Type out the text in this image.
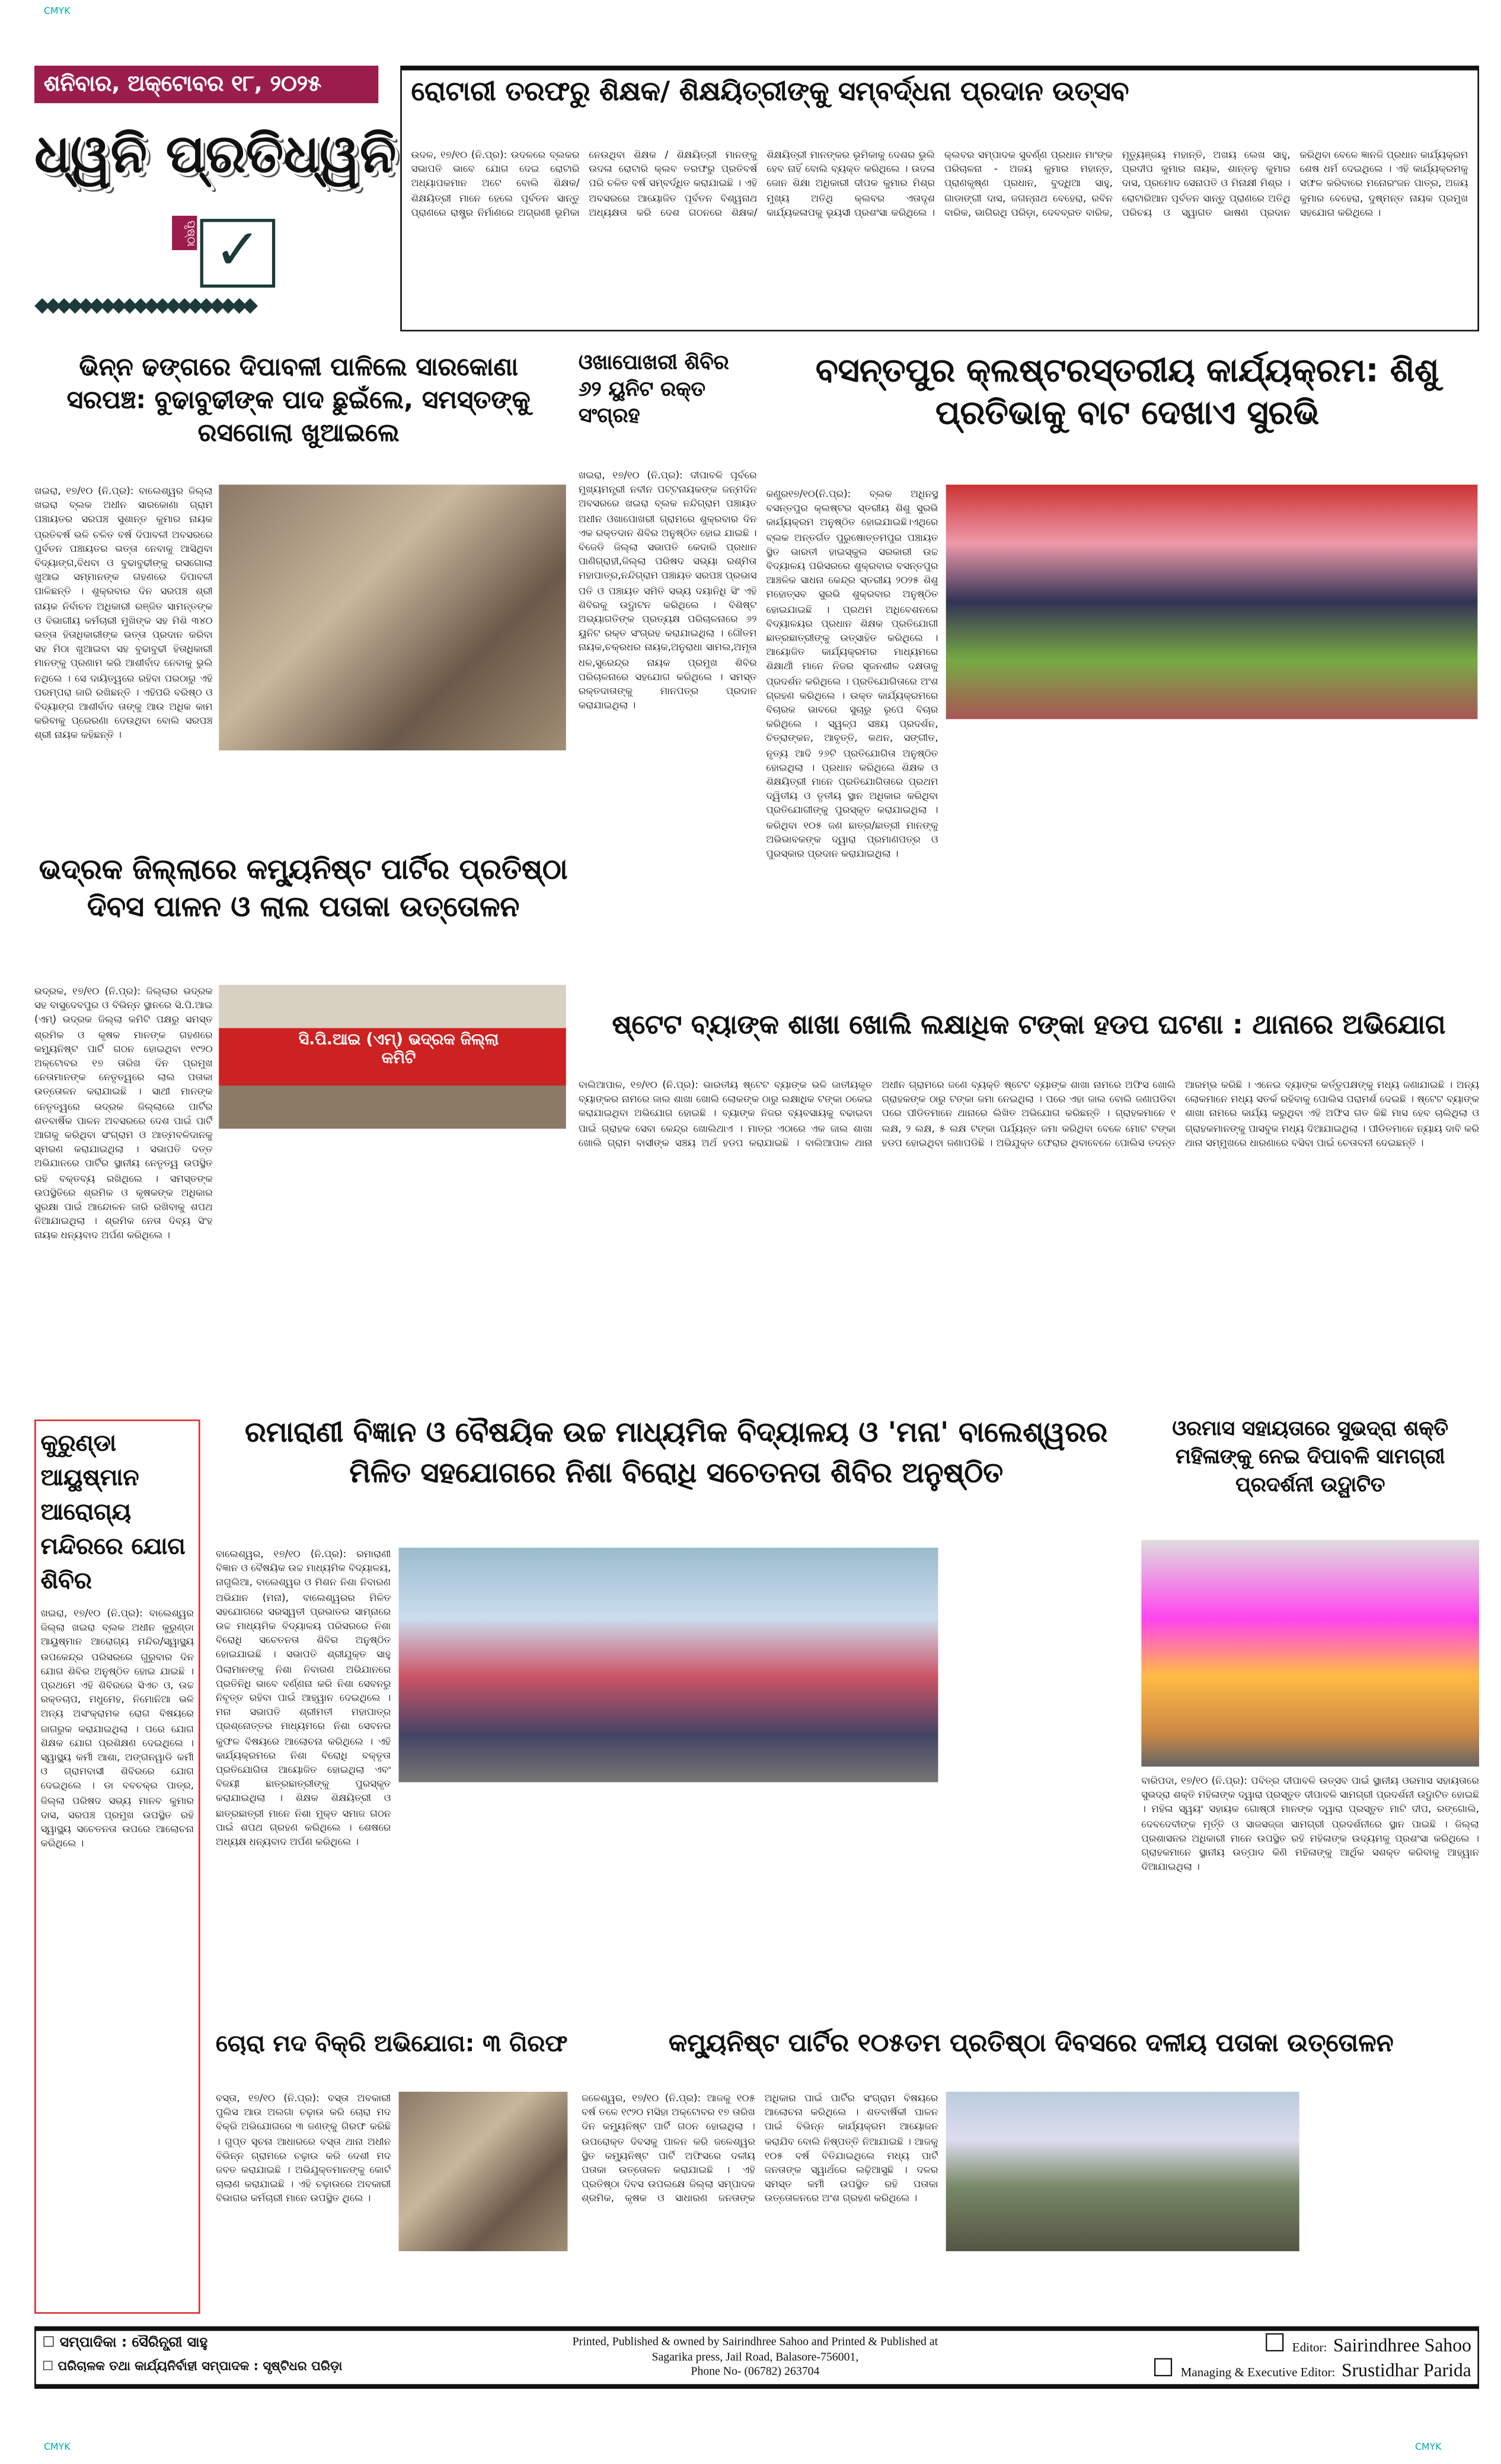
CMYK
CMYK	CMYK
ଶନିବାର, ଅକ୍ଟୋବର ୧୮, ୨୦୨୫
ଧ୍ୱନି ପ୍ରତିଧ୍ୱନି
ପୃଷ୍ଠା ✓
◆◆◆◆◆◆◆◆◆◆◆◆◆◆◆◆◆◆◆◆
ରୋଟାରୀ ତରଫରୁ ଶିକ୍ଷକ/ ଶିକ୍ଷୟିତ୍ରୀଙ୍କୁ ସମ୍ବର୍ଦ୍ଧନା ପ୍ରଦାନ ଉତ୍ସବ
ଉଦଳ, ୧୭/୧୦ (ନି.ପ୍ର): ଉଦଳରେ ବ୍ଲକର ସଭାପତି ଭାବେ ଯୋଗ ଦେଇ ରୋଟାରି ଅଧ୍ୟାପକମାନ ଅଟେ ବୋଲି ଶିକ୍ଷକ/ଶିକ୍ଷୟିତ୍ରୀ ମାନେ ହେଲେ ପୂର୍ବତନ ସାନ୍ତୁ ପ୍ରାଣରେ ରାଷ୍ଟ୍ର ନିର୍ମାଣରେ ଅଗ୍ରଣୀ ଭୂମିକା ନେଉଥିବା ଶିକ୍ଷକ / ଶିକ୍ଷୟିତ୍ରୀ ମାନଙ୍କୁ ଉଦଳା ରୋଟାରି କ୍ଲବ ତରଫରୁ ପ୍ରତିବର୍ଷ ପରି ଚଳିତ ବର୍ଷ ସମ୍ବର୍ଦ୍ଧିତ କରାଯାଇଛି । ଏହି ଅବସରରେ ଆୟୋଜିତ ପୂର୍ବତନ ବିଶ୍ୱନାଥ ଅଧ୍ୟକ୍ଷତା କରି ଦେଶ ଗଠନରେ ଶିକ୍ଷକ/ ଶିକ୍ଷୟିତ୍ରୀ ମାନଙ୍କର ଭୂମିକାକୁ ଦେଶର ଭୁଲି ହେବ ନାହିଁ ବୋଲି ବ୍ୟକ୍ତ କରିଥିଲେ । ଉଦଳା ଜୋନ ଶିକ୍ଷା ଅଧିକାରୀ ଦୀପକ କୁମାର ମିଶ୍ର ମୁଖ୍ୟ ଅତିଥି କ୍ଲବର ଏତାଦୃଶ କାର୍ଯ୍ୟକଳାପକୁ ଭୂୟସୀ ପ୍ରଶଂସା କରିଥିଲେ । କ୍ଲବର ସମ୍ପାଦକ ସୁବର୍ଣ୍ଣ ପ୍ରଧାନ ମାଂଙ୍କ ପରିଚାଳନା - ଅଜୟ କୁମାର ମହାନ୍ତ, ପ୍ରାଣକୃଷ୍ଣ ପ୍ରଧାନ, ବୁଦ୍ଧିଆ ସାହୁ, ଗାଡାଙ୍ଗୀ ଦାସ, ଜଗନ୍ନାଥ ବେହେରା, ରବିନ ବାରିକ, ଭାଗିରଥି ପରିଡ଼ା, ଦେବବ୍ରତ ବାରିକ, ମୃତ୍ୟୁଞ୍ଜୟ ମହାନ୍ତି, ଅଖୟ ଲେଖ ସାହୁ, ପ୍ରଦୀପ କୁମାର ନାୟକ, ଶାନ୍ତନୁ କୁମାର ଦାସ, ପ୍ରମୋଦ ସେନାପତି ଓ ମିନାକ୍ଷୀ ମିଶ୍ର । ରୋଟାରିଆନ ପୂର୍ବତନ ସାନ୍ତୁ ପ୍ରାଣରେ ଅତିଥି ପରିଚୟ ଓ ସ୍ୱାଗତ ଭାଷଣ ପ୍ରଦାନ କରିଥିବା ବେଳେ ଜ୍ଞାନଜି ପ୍ରଧାନ କାର୍ଯ୍ୟକ୍ରମ ଶେଷ ଧର୍ମ ଦେଇଥିଲେ । ଏହି କାର୍ଯ୍ୟକ୍ରମକୁ ସଫଳ କରିବାରେ ମନୋରଂଜନ ପାତ୍ର, ଅଜୟ କୁମାର ବେହେରା, ଦୁଷ୍ମନ୍ତ ନାୟକ ପ୍ରମୁଖ ସହଯୋଗ କରିଥିଲେ ।
ଭିନ୍ନ ଢଙ୍ଗରେ ଦିପାବଳୀ ପାଳିଲେ ସାରକୋଣା ସରପଞ୍ଚ: ବୁଢାବୁଢୀଙ୍କ ପାଦ ଛୁଇଁଲେ, ସମସ୍ତଙ୍କୁ ରସଗୋଲା ଖୁଆଇଲେ
ଖଇରା, ୧୭/୧୦ (ନି.ପ୍ର): ବାଲେଶ୍ୱର ଜିଲ୍ଲା ଖଇରା ବ୍ଲକ ଅଧୀନ ସାରକୋଣା ଗ୍ରାମ ପଞ୍ଚାୟତର ସରପଞ୍ଚ ସୁଶାନ୍ତ କୁମାର ନାୟକ ପ୍ରତିବର୍ଷ ଭଳି ଚଳିତ ବର୍ଷ ଦିପାବଳୀ ଅବସରରେ ପୁର୍ବତନ ପଞ୍ଚାୟତର ଭତ୍ତା ନେବାକୁ ଆସିଥିବା ବିଦ୍ୟାଙ୍ଗ,ବିଧବା ଓ ବୁଢାବୁଢୀଙ୍କୁ ରସଗୋଲା ଖୁଆଇ ସମ୍ମାନଙ୍କ ଗହଣରେ ଦିପାବଳୀ ପାଳିଛନ୍ତି । ଶୁକ୍ରବାର ଦିନ ସରପଞ୍ଚ ଶ୍ରୀ ନାୟକ ନିର୍ବାଚନ ଅଧିକାରୀ ରଞ୍ଜିତ ସାମନ୍ତଙ୍କ ଓ ବିଭାଗୀୟ କର୍ମଚାରୀ ମୁଖିଙ୍କ ସହ ମିଶି ୩୪୦ ଭତ୍ତା ହିତାଧିକାରୀଙ୍କ ଭତ୍ତା ପ୍ରଦାନ କରିବା ସହ ମିଠା ଖୁଆଇବା ସହ ବୁଢାବୁଢୀ ହିତାଧିକାରୀ ମାନଙ୍କୁ ପ୍ରଣାମ କରି ଆଶୀର୍ବାଦ ନେବାକୁ ଭୁଲି ନଥିଲେ । ସେ ଦାୟିତ୍ୱରେ ରହିବା ପରଠାରୁ ଏହି ପରମ୍ପରା ଜାରି ରଖିଛନ୍ତି । ଏହିପରି ବରିଷ୍ଠ ଓ ବିଦ୍ୟାଙ୍ଗ ଆଶୀର୍ବାଦ ତାଙ୍କୁ ଆଉ ଅଧିକ କାମ କରିବାକୁ ପ୍ରେରଣା ଦେଉଥିବା ବୋଲି ସରପଞ୍ଚ ଶ୍ରୀ ନାୟକ କହିଛନ୍ତି ।
ଓଖାପୋଖରୀ ଶିବିର ୬୨ ୟୁନିଟ ରକ୍ତ ସଂଗ୍ରହ
ଖଇରା, ୧୭/୧୦ (ନି.ପ୍ର): ଦୀପାବଳି ପୂର୍ବରେ ମୁଖ୍ୟମନ୍ତ୍ରୀ ନବୀନ ପଟ୍ଟନାୟକଙ୍କ ଜନ୍ମଦିନ ଅବସରରେ ଖଇରା ବ୍ଲକ ନନ୍ଦିଗ୍ରାମ ପଞ୍ଚାୟତ ଅଧୀନ ଓଖାପୋଖରୀ ଗ୍ରାମରେ ଶୁକ୍ରବାର ଦିନ ଏକ ରକ୍ତଦାନ ଶିବିର ଅନୁଷ୍ଠିତ ହୋଇ ଯାଇଛି । ବିଜେଡି ଜିଲ୍ଲା ସଭାପତି କେଦାରି ପ୍ରଧାନ ପାଣିଗ୍ରାହୀ,ଜିଲ୍ଲା ପରିଷଦ ସଭ୍ୟା ରଶ୍ମିତା ମହାପାତ୍ର,ନନ୍ଦିଗ୍ରାମ ପଞ୍ଚାୟତ ସରପଞ୍ଚ ପ୍ରଭାସ ପତି ଓ ପଞ୍ଚାୟତ ସମିତି ସଭ୍ୟ ଦୟାନିଧି ସିଂ ଏହି ଶିବିରକୁ ଉଦ୍ଘାଟନ କରିଥିଲେ । ବିଶିଷ୍ଟ ଅଭ୍ୟାଗତିଙ୍କ ପ୍ରତ୍ୟକ୍ଷ ପରିଚାଳନାରେ ୬୨ ୟୁନିଟ ରକ୍ତ ସଂଗ୍ରହ କରାଯାଇଥିଲା । ଗୌତମ ନାୟକ,ଚକ୍ରଧର ନାୟକ,ଅନୁରାଧା ସାମଲ,ଅମୃତା ଧଳ,ସୁରେନ୍ଦ୍ର ନାୟକ ପ୍ରମୁଖ ଶିବିର ପରିଚାଳନାରେ ସହଯୋଗ କରିଥିଲେ । ସମସ୍ତ ରକ୍ତଦାତାଙ୍କୁ ମାନପତ୍ର ପ୍ରଦାନ କରାଯାଇଥିଲା ।
ବସନ୍ତପୁର କ୍ଲଷ୍ଟରସ୍ତରୀୟ କାର୍ଯ୍ୟକ୍ରମ: ଶିଶୁ ପ୍ରତିଭାକୁ ବାଟ ଦେଖାଏ ସୁରଭି
କଣ୍ଡ୍ର୧୭/୧୦(ନି.ପ୍ର): ବ୍ଲକ ଅଧିନସ୍ଥ ବସନ୍ତପୁର କ୍ଲଷ୍ଟର ସ୍ତରୀୟ ଶିଶୁ ସୁରଭି କାର୍ଯ୍ୟକ୍ରମ ଅନୁଷ୍ଠିତ ହୋଇଯାଇଛି।ଏଥିରେ ବ୍ଲକ ଅନ୍ତର୍ଗତ ପୁରୁଷୋତ୍ତମପୁର ପଞ୍ଚାୟତ ସ୍ଥିତ ଭାରତୀ ହାଇସ୍କୁଲ ସରକାରୀ ଉଚ୍ଚ ବିଦ୍ୟାଳୟ ପରିସରରେ ଶୁକ୍ରବାର ବସନ୍ତପୁର ଆଞ୍ଚଳିକ ସାଧନା କେନ୍ଦ୍ର ସ୍ତରୀୟ ୨୦୨୫ ଶିଶୁ ମହୋତ୍ସବ ସୁରଭି ଶୁକ୍ରବାର ଅନୁଷ୍ଠିତ ହୋଇଯାଇଛି । ପ୍ରଥମ ଅଧିବେଶନରେ ବିଦ୍ୟାଳୟର ପ୍ରଧାନ ଶିକ୍ଷକ ପ୍ରତିଯୋଗୀ ଛାତ୍ରଛାତ୍ରୀଙ୍କୁ ଉତ୍ସାହିତ କରିଥିଲେ । ଆୟୋଜିତ କାର୍ଯ୍ୟକ୍ରମର ମାଧ୍ୟମରେ ଶିକ୍ଷାର୍ଥୀ ମାନେ ନିଜର ସୃଜନଶୀଳ ଦକ୍ଷତାକୁ ପ୍ରଦର୍ଶନ କରିଥିଲେ । ପ୍ରତିଯୋଗିତାରେ ଅଂଶ ଗ୍ରହଣ କରିଥିଲେ । ଉକ୍ତ କାର୍ଯ୍ୟକ୍ରମରେ ବିଚାରକ ଭାବରେ ସୁଚାରୁ ରୂପେ ବିଚାର କରିଥିଲେ । ସ୍ୱଳ୍ପ ସଞ୍ଚୟ ପ୍ରଦର୍ଶନ, ଚିତ୍ରାଙ୍କନ, ଆବୃତ୍ତି, କଥନ, ସଙ୍ଗୀତ, ନୃତ୍ୟ ଆଦି ୨୬ଟି ପ୍ରତିଯୋଗିତା ଅନୁଷ୍ଠିତ ହୋଇଥିଲା । ପ୍ରଧାନ କରିଥିଲେ ଶିକ୍ଷକ ଓ ଶିକ୍ଷୟିତ୍ରୀ ମାନେ ପ୍ରତିଯୋଗିତାରେ ପ୍ରଥମ ଦ୍ୱିତୀୟ ଓ ତୃତୀୟ ସ୍ଥାନ ଅଧିକାର କରିଥିବା ପ୍ରତିଯୋଗୀଙ୍କୁ ପୁରସ୍କୃତ କରାଯାଇଥିଲା । କରିଥିବା ୧୦୫ ଜଣ ଛାତ୍ର/ଛାତ୍ରୀ ମାନଙ୍କୁ ଅଭିଭାବକଙ୍କ ଦ୍ୱାରା ପ୍ରମାଣପତ୍ର ଓ ପୁରସ୍କାର ପ୍ରଦାନ କରାଯାଇଥିଲା ।
ଭଦ୍ରକ ଜିଲ୍ଲାରେ କମ୍ୟୁନିଷ୍ଟ ପାର୍ଟିର ପ୍ରତିଷ୍ଠା ଦିବସ ପାଳନ ଓ ଲାଲ ପତାକା ଉତ୍ତୋଳନ
ଭଦ୍ରକ, ୧୭/୧୦ (ନି.ପ୍ର): ଜିଲ୍ଲାର ଭଦ୍ରକ ସହ ବାସୁଦେବପୁର ଓ ବିଭିନ୍ନ ସ୍ଥାନରେ ସି.ପି.ଆଇ (ଏମ୍) ଭଦ୍ରକ ଜିଲ୍ଲା କମିଟି ପକ୍ଷରୁ ସମସ୍ତ ଶ୍ରମିକ ଓ କୃଷକ ମାନଙ୍କ ଗହଣରେ କମ୍ୟୁନିଷ୍ଟ ପାର୍ଟି ଗଠନ ହୋଇଥିବା ୧୯୨୦ ଅକ୍ଟୋବର ୧୭ ତାରିଖ ଦିନ ପ୍ରମୁଖ ନେତାମାନଙ୍କ ନେତୃତ୍ୱରେ ଲାଲ ପତାକା ଉତ୍ତୋଳନ କରାଯାଇଛି । ସାଥୀ ମାନଙ୍କ ନେତୃତ୍ୱରେ ଭଦ୍ରକ ଜିଲ୍ଲାରେ ପାର୍ଟିର ଶତବାର୍ଷିକ ପାଳନ ଅବସରରେ ଦେଶ ପାଇଁ ପାର୍ଟି ଆଗକୁ କରିଥିବା ସଂଗ୍ରାମ ଓ ଆତ୍ମବଳିଦାନକୁ ସ୍ମରଣ କରାଯାଇଥିଲା । ସଭାପତି ଦତ୍ତ ଅଭିଯାନରେ ପାର୍ଟିର ସ୍ଥାନୀୟ ନେତୃତ୍ୱ ଉପସ୍ଥିତ ରହି ବକ୍ତବ୍ୟ ରଖିଥିଲେ । ସମସ୍ତଙ୍କ ଉପସ୍ଥିତିରେ ଶ୍ରମିକ ଓ କୃଷକଙ୍କ ଅଧିକାର ସୁରକ୍ଷା ପାଇଁ ଆନ୍ଦୋଳନ ଜାରି ରଖିବାକୁ ଶପଥ ନିଆଯାଇଥିଲା । ଶ୍ରମିକ ନେତା ଦିବ୍ୟ ସିଂହ ନାୟକ ଧନ୍ୟବାଦ ଅର୍ପଣ କରିଥିଲେ ।
ସି.ପି.ଆଇ (ଏମ୍) ଭଦ୍ରକ ଜିଲ୍ଲା କମିଟି
ଷ୍ଟେଟ ବ୍ୟାଙ୍କ ଶାଖା ଖୋଲି ଲକ୍ଷାଧିକ ଟଙ୍କା ହଡପ ଘଟଣା : ଥାନାରେ ଅଭିଯୋଗ
ବାଲିଆପାଳ, ୧୭/୧୦ (ନି.ପ୍ର): ଭାରତୀୟ ଷ୍ଟେଟ ବ୍ୟାଙ୍କ ଭଳି ଜାତୀୟକୃତ ବ୍ୟାଙ୍କର ନାମରେ ଜାଲ ଶାଖା ଖୋଲି ଲୋକଙ୍କ ଠାରୁ ଲକ୍ଷାଧିକ ଟଙ୍କା ଠକେଇ କରାଯାଇଥିବା ଅଭିଯୋଗ ହୋଇଛି । ବ୍ୟାଙ୍କ ନିଜର ବ୍ୟବସାୟକୁ ବଢାଇବା ପାଇଁ ଗ୍ରାହକ ସେବା କେନ୍ଦ୍ର ଖୋଲିଥାଏ । ମାତ୍ର ଏଠାରେ ଏକ ଜାଲ ଶାଖା ଖୋଲି ଗ୍ରାମ ବାସୀଙ୍କ ସଞ୍ଚୟ ଅର୍ଥ ହଡପ କରାଯାଇଛି । ବାଲିଆପାଳ ଥାନା ଅଧୀନ ଗ୍ରାମରେ ଜଣେ ବ୍ୟକ୍ତି ଷ୍ଟେଟ ବ୍ୟାଙ୍କ ଶାଖା ନାମରେ ଅଫିସ ଖୋଲି ଗ୍ରାହକଙ୍କ ଠାରୁ ଟଙ୍କା ଜମା ନେଇଥିଲା । ପରେ ଏହା ଜାଲ ବୋଲି ଜଣାପଡିବା ପରେ ପୀଡିତମାନେ ଥାନାରେ ଲିଖିତ ଅଭିଯୋଗ କରିଛନ୍ତି । ଗ୍ରାହକମାନେ ୧ ଲକ୍ଷ, ୨ ଲକ୍ଷ, ୫ ଲକ୍ଷ ଟଙ୍କା ପର୍ଯ୍ୟନ୍ତ ଜମା କରିଥିବା ବେଳେ ମୋଟ ଟଙ୍କା ହଡପ ହୋଇଥିବା ଜଣାପଡିଛି । ଅଭିଯୁକ୍ତ ଫେରାର ଥିବାବେଳେ ପୋଲିସ ତଦନ୍ତ ଆରମ୍ଭ କରିଛି । ଏନେଇ ବ୍ୟାଙ୍କ କର୍ତ୍ତୃପକ୍ଷଙ୍କୁ ମଧ୍ୟ ଜଣାଯାଇଛି । ଅନ୍ୟ ଲୋକମାନେ ମଧ୍ୟ ସତର୍କ ରହିବାକୁ ପୋଲିସ ପରାମର୍ଶ ଦେଇଛି । ଷ୍ଟେଟ ବ୍ୟାଙ୍କ ଶାଖା ନାମରେ କାର୍ଯ୍ୟ କରୁଥିବା ଏହି ଅଫିସ ଗତ କିଛି ମାସ ହେବ ଚାଲିଥିଲା ଓ ଗ୍ରାହକମାନଙ୍କୁ ପାସବୁକ ମଧ୍ୟ ଦିଆଯାଇଥିଲା । ପୀଡିତମାନେ ନ୍ୟାୟ ଦାବି କରି ଥାନା ସମ୍ମୁଖରେ ଧାରଣାରେ ବସିବା ପାଇଁ ଚେତାବନୀ ଦେଇଛନ୍ତି ।
କୁରୁଣ୍ଡା ଆୟୁଷ୍ମାନ ଆରୋଗ୍ୟ ମନ୍ଦିରରେ ଯୋଗ ଶିବିର
ଖଇରା, ୧୭/୧୦ (ନି.ପ୍ର): ବାଲେଶ୍ୱର ଜିଲ୍ଲା ଖଇରା ବ୍ଲକ ଅଧୀନ କୁରୁଣ୍ଡା ଆୟୁଷ୍ମାନ ଆରୋଗ୍ୟ ମନ୍ଦିର/ସ୍ୱାସ୍ଥ୍ୟ ଉପକେନ୍ଦ୍ର ପରିସରରେ ଗୁରୁବାର ଦିନ ଯୋଗ ଶିବିର ଅନୁଷ୍ଠିତ ହୋଇ ଯାଇଛି । ପ୍ରଥମେ ଏହି ଶିବିରରେ ସିଏଚ ଓ, ଉଚ୍ଚ ରକ୍ତଚାପ, ମଧୁମେହ, ନିମୋନିଆ ଭଳି ଅନ୍ୟ ଅସଂକ୍ରାମକ ରୋଗ ବିଷୟରେ ଜାଗରୁକ କରାଯାଇଥିଲା । ପରେ ଯୋଗ ଶିକ୍ଷକ ଯୋଗ ପ୍ରଶିକ୍ଷଣ ଦେଇଥିଲେ । ସ୍ୱାସ୍ଥ୍ୟ କର୍ମୀ ଆଶା, ଅଙ୍ଗନୱାଡି କର୍ମୀ ଓ ଗ୍ରାମବାସୀ ଶିବିରରେ ଯୋଗ ଦେଇଥିଲେ । ଡା ବବଚକ୍ର ପାତ୍ର, ଜିଲ୍ଲା ପରିଷଦ ସଭ୍ୟ ମାନବ କୁମାର ଦାସ, ସରପଞ୍ଚ ପ୍ରମୁଖ ଉପସ୍ଥିତ ରହି ସ୍ୱାସ୍ଥ୍ୟ ସଚେତନତା ଉପରେ ଆଲୋଚନା କରିଥିଲେ ।
ରମାରାଣୀ ବିଜ୍ଞାନ ଓ ବୈଷୟିକ ଉଚ୍ଚ ମାଧ୍ୟମିକ ବିଦ୍ୟାଳୟ ଓ 'ମନା' ବାଲେଶ୍ୱରର ମିଳିତ ସହଯୋଗରେ ନିଶା ବିରୋଧି ସଚେତନତା ଶିବିର ଅନୁଷ୍ଠିତ
ବାଲେଶ୍ୱର, ୧୭/୧୦ (ନି.ପ୍ର): ରମାରାଣୀ ବିଜ୍ଞାନ ଓ ବୈଷୟିକ ଉଚ୍ଚ ମାଧ୍ୟମିକ ବିଦ୍ୟାଳୟ, ନାଗୁଲିଆ, ବାଲେଶ୍ୱର ଓ ମିଶନ ନିଶା ନିବାରଣ ଅଭିଯାନ (ମନା), ବାଲେଶ୍ୱରର ମିଳିତ ସହଯୋଗରେ ସରସ୍ୱତୀ ପ୍ରଭାତର ସାମ୍ନାରେ ଉଚ୍ଚ ମାଧ୍ୟମିକ ବିଦ୍ୟାଳୟ ପରିସରରେ ନିଶା ବିରୋଧି ସଚେତନତା ଶିବିର ଅନୁଷ୍ଠିତ ହୋଇଯାଇଛି । ସଭାପତି ଶ୍ରୀଯୁକ୍ତ ସାହୁ ପିଲାମାନଙ୍କୁ ନିଶା ନିବାରଣ ଅଭିଯାନରେ ପ୍ରତିନିଧି ଭାବେ ବର୍ଣ୍ଣନା କରି ନିଶା ସେବନରୁ ନିବୃତ୍ତ ରହିବା ପାଇଁ ଆହ୍ୱାନ ଦେଇଥିଲେ । ମନା ସଭାପତି ଶ୍ରୀମତୀ ମହାପାତ୍ର ପ୍ରଶ୍ନୋତ୍ତର ମାଧ୍ୟମରେ ନିଶା ସେବନର କୁଫଳ ବିଷୟରେ ଆଲୋଚନା କରିଥିଲେ । ଏହି କାର୍ଯ୍ୟକ୍ରମରେ ନିଶା ବିରୋଧି ବକ୍ତୃତା ପ୍ରତିଯୋଗିତା ଆୟୋଜିତ ହୋଇଥିଲା ଏବଂ ବିଜୟୀ ଛାତ୍ରଛାତ୍ରୀଙ୍କୁ ପୁରସ୍କୃତ କରାଯାଇଥିଲା । ଶିକ୍ଷକ ଶିକ୍ଷୟିତ୍ରୀ ଓ ଛାତ୍ରଛାତ୍ରୀ ମାନେ ନିଶା ମୁକ୍ତ ସମାଜ ଗଠନ ପାଇଁ ଶପଥ ଗ୍ରହଣ କରିଥିଲେ । ଶେଷରେ ଅଧ୍ୟକ୍ଷ ଧନ୍ୟବାଦ ଅର୍ପଣ କରିଥିଲେ ।
ଓରମାସ ସହାୟତାରେ ସୁଭଦ୍ରା ଶକ୍ତି ମହିଳାଙ୍କୁ ନେଇ ଦିପାବଳି ସାମଗ୍ରୀ ପ୍ରଦର୍ଶନୀ ଉଦ୍ଘାଟିତ
ବାରିପଦା, ୧୭/୧୦ (ନି.ପ୍ର): ପବିତ୍ର ଦୀପାବଳି ଉତ୍ସବ ପାଇଁ ସ୍ଥାନୀୟ ଓରମାସ ସହାୟତାରେ ସୁଭଦ୍ରା ଶକ୍ତି ମହିଳାଙ୍କ ଦ୍ୱାରା ପ୍ରସ୍ତୁତ ଦୀପାବଳି ସାମଗ୍ରୀ ପ୍ରଦର୍ଶନୀ ଉଦ୍ଘାଟିତ ହୋଇଛି । ମହିଳା ସ୍ୱୟଂ ସହାୟକ ଗୋଷ୍ଠୀ ମାନଙ୍କ ଦ୍ୱାରା ପ୍ରସ୍ତୁତ ମାଟି ଦୀପ, ରଙ୍ଗୋଲି, ଦେବଦେବୀଙ୍କ ମୂର୍ତ୍ତି ଓ ସାଜସଜ୍ଜା ସାମଗ୍ରୀ ପ୍ରଦର୍ଶନୀରେ ସ୍ଥାନ ପାଇଛି । ଜିଲ୍ଲା ପ୍ରଶାସନର ଅଧିକାରୀ ମାନେ ଉପସ୍ଥିତ ରହି ମହିଳାଙ୍କ ଉଦ୍ୟମକୁ ପ୍ରଶଂସା କରିଥିଲେ । ଗ୍ରାହକମାନେ ସ୍ଥାନୀୟ ଉତ୍ପାଦ କିଣି ମହିଳାଙ୍କୁ ଆର୍ଥିକ ସଶକ୍ତ କରିବାକୁ ଆହ୍ୱାନ ଦିଆଯାଇଥିଲା ।
ଚୋରା ମଦ ବିକ୍ରି ଅଭିଯୋଗ: ୩ ଗିରଫ
ବସ୍ତା, ୧୭/୧୦ (ନି.ପ୍ର): ବସ୍ତା ଅବକାରୀ ପୁଲିସ ଆଉ ଅଲଗା ଚଢ଼ାଉ କରି ଚୋରା ମଦ ବିକ୍ରି ଅଭିଯୋଗରେ ୩ ଜଣଙ୍କୁ ଗିରଫ କରିଛି । ଗୁପ୍ତ ସୂଚନା ଆଧାରରେ ବସ୍ତା ଥାନା ଅଧୀନ ବିଭିନ୍ନ ଗ୍ରାମରେ ଚଢ଼ାଉ କରି ଦେଶୀ ମଦ ଜବତ କରାଯାଇଛି । ଅଭିଯୁକ୍ତମାନଙ୍କୁ କୋର୍ଟ ଚାଲାଣ କରାଯାଇଛି । ଏହି ଚଢ଼ାଉରେ ଅବକାରୀ ବିଭାଗର କର୍ମଚାରୀ ମାନେ ଉପସ୍ଥିତ ଥିଲେ ।
କମ୍ୟୁନିଷ୍ଟ ପାର୍ଟିର ୧୦୫ତମ ପ୍ରତିଷ୍ଠା ଦିବସରେ ଦଳୀୟ ପତାକା ଉତ୍ତୋଳନ
ଜଳେଶ୍ୱର, ୧୭/୧୦ (ନି.ପ୍ର): ଆଜକୁ ୧୦୫ ବର୍ଷ ତଳେ ୧୯୨୦ ମସିହା ଅକ୍ଟୋବର ୧୭ ତାରିଖ ଦିନ କମ୍ୟୁନିଷ୍ଟ ପାର୍ଟି ଗଠନ ହୋଇଥିଲା । ଉପରୋକ୍ତ ଦିବସକୁ ପାଳନ କରି ଜଳେଶ୍ୱର ସ୍ଥିତ କମ୍ୟୁନିଷ୍ଟ ପାର୍ଟି ଅଫିସରେ ଦଳୀୟ ପତାକା ଉତ୍ତୋଳନ କରାଯାଇଛି । ଏହି ପ୍ରତିଷ୍ଠା ଦିବସ ଉପଲକ୍ଷେ ଜିଲ୍ଲା ସମ୍ପାଦକ ଶ୍ରମିକ, କୃଷକ ଓ ସାଧାରଣ ଜନତାଙ୍କ ଅଧିକାର ପାଇଁ ପାର୍ଟିର ସଂଗ୍ରାମ ବିଷୟରେ ଆଲୋଚନା କରିଥିଲେ । ଶତବାର୍ଷିକୀ ପାଳନ ପାଇଁ ବିଭିନ୍ନ କାର୍ଯ୍ୟକ୍ରମ ଆୟୋଜନ କରାଯିବ ବୋଲି ନିଷ୍ପତ୍ତି ନିଆଯାଇଛି । ଆଜକୁ ୧୦୫ ବର୍ଷ ବିତିଯାଇଥିଲେ ମଧ୍ୟ ପାର୍ଟି ଜନତାଙ୍କ ସ୍ୱାର୍ଥରେ ଲଢ଼ିଆସୁଛି । ଦଳର ସମସ୍ତ କର୍ମୀ ଉପସ୍ଥିତ ରହି ପତାକା ଉତ୍ତୋଳନରେ ଅଂଶ ଗ୍ରହଣ କରିଥିଲେ ।
☐ ସମ୍ପାଦିକା : ସୈରିନ୍ଧ୍ରୀ ସାହୁ
☐ ପରିଚାଳକ ତଥା କାର୍ଯ୍ୟନିର୍ବାହୀ ସମ୍ପାଦକ : ସୃଷ୍ଟିଧର ପରିଡ଼ା
Printed, Published & owned by Sairindhree Sahoo and Printed & Published at
Sagarika press, Jail Road, Balasore-756001,
Phone No- (06782) 263704
☐ Editor: Sairindhree Sahoo
☐ Managing & Executive Editor: Srustidhar Parida
